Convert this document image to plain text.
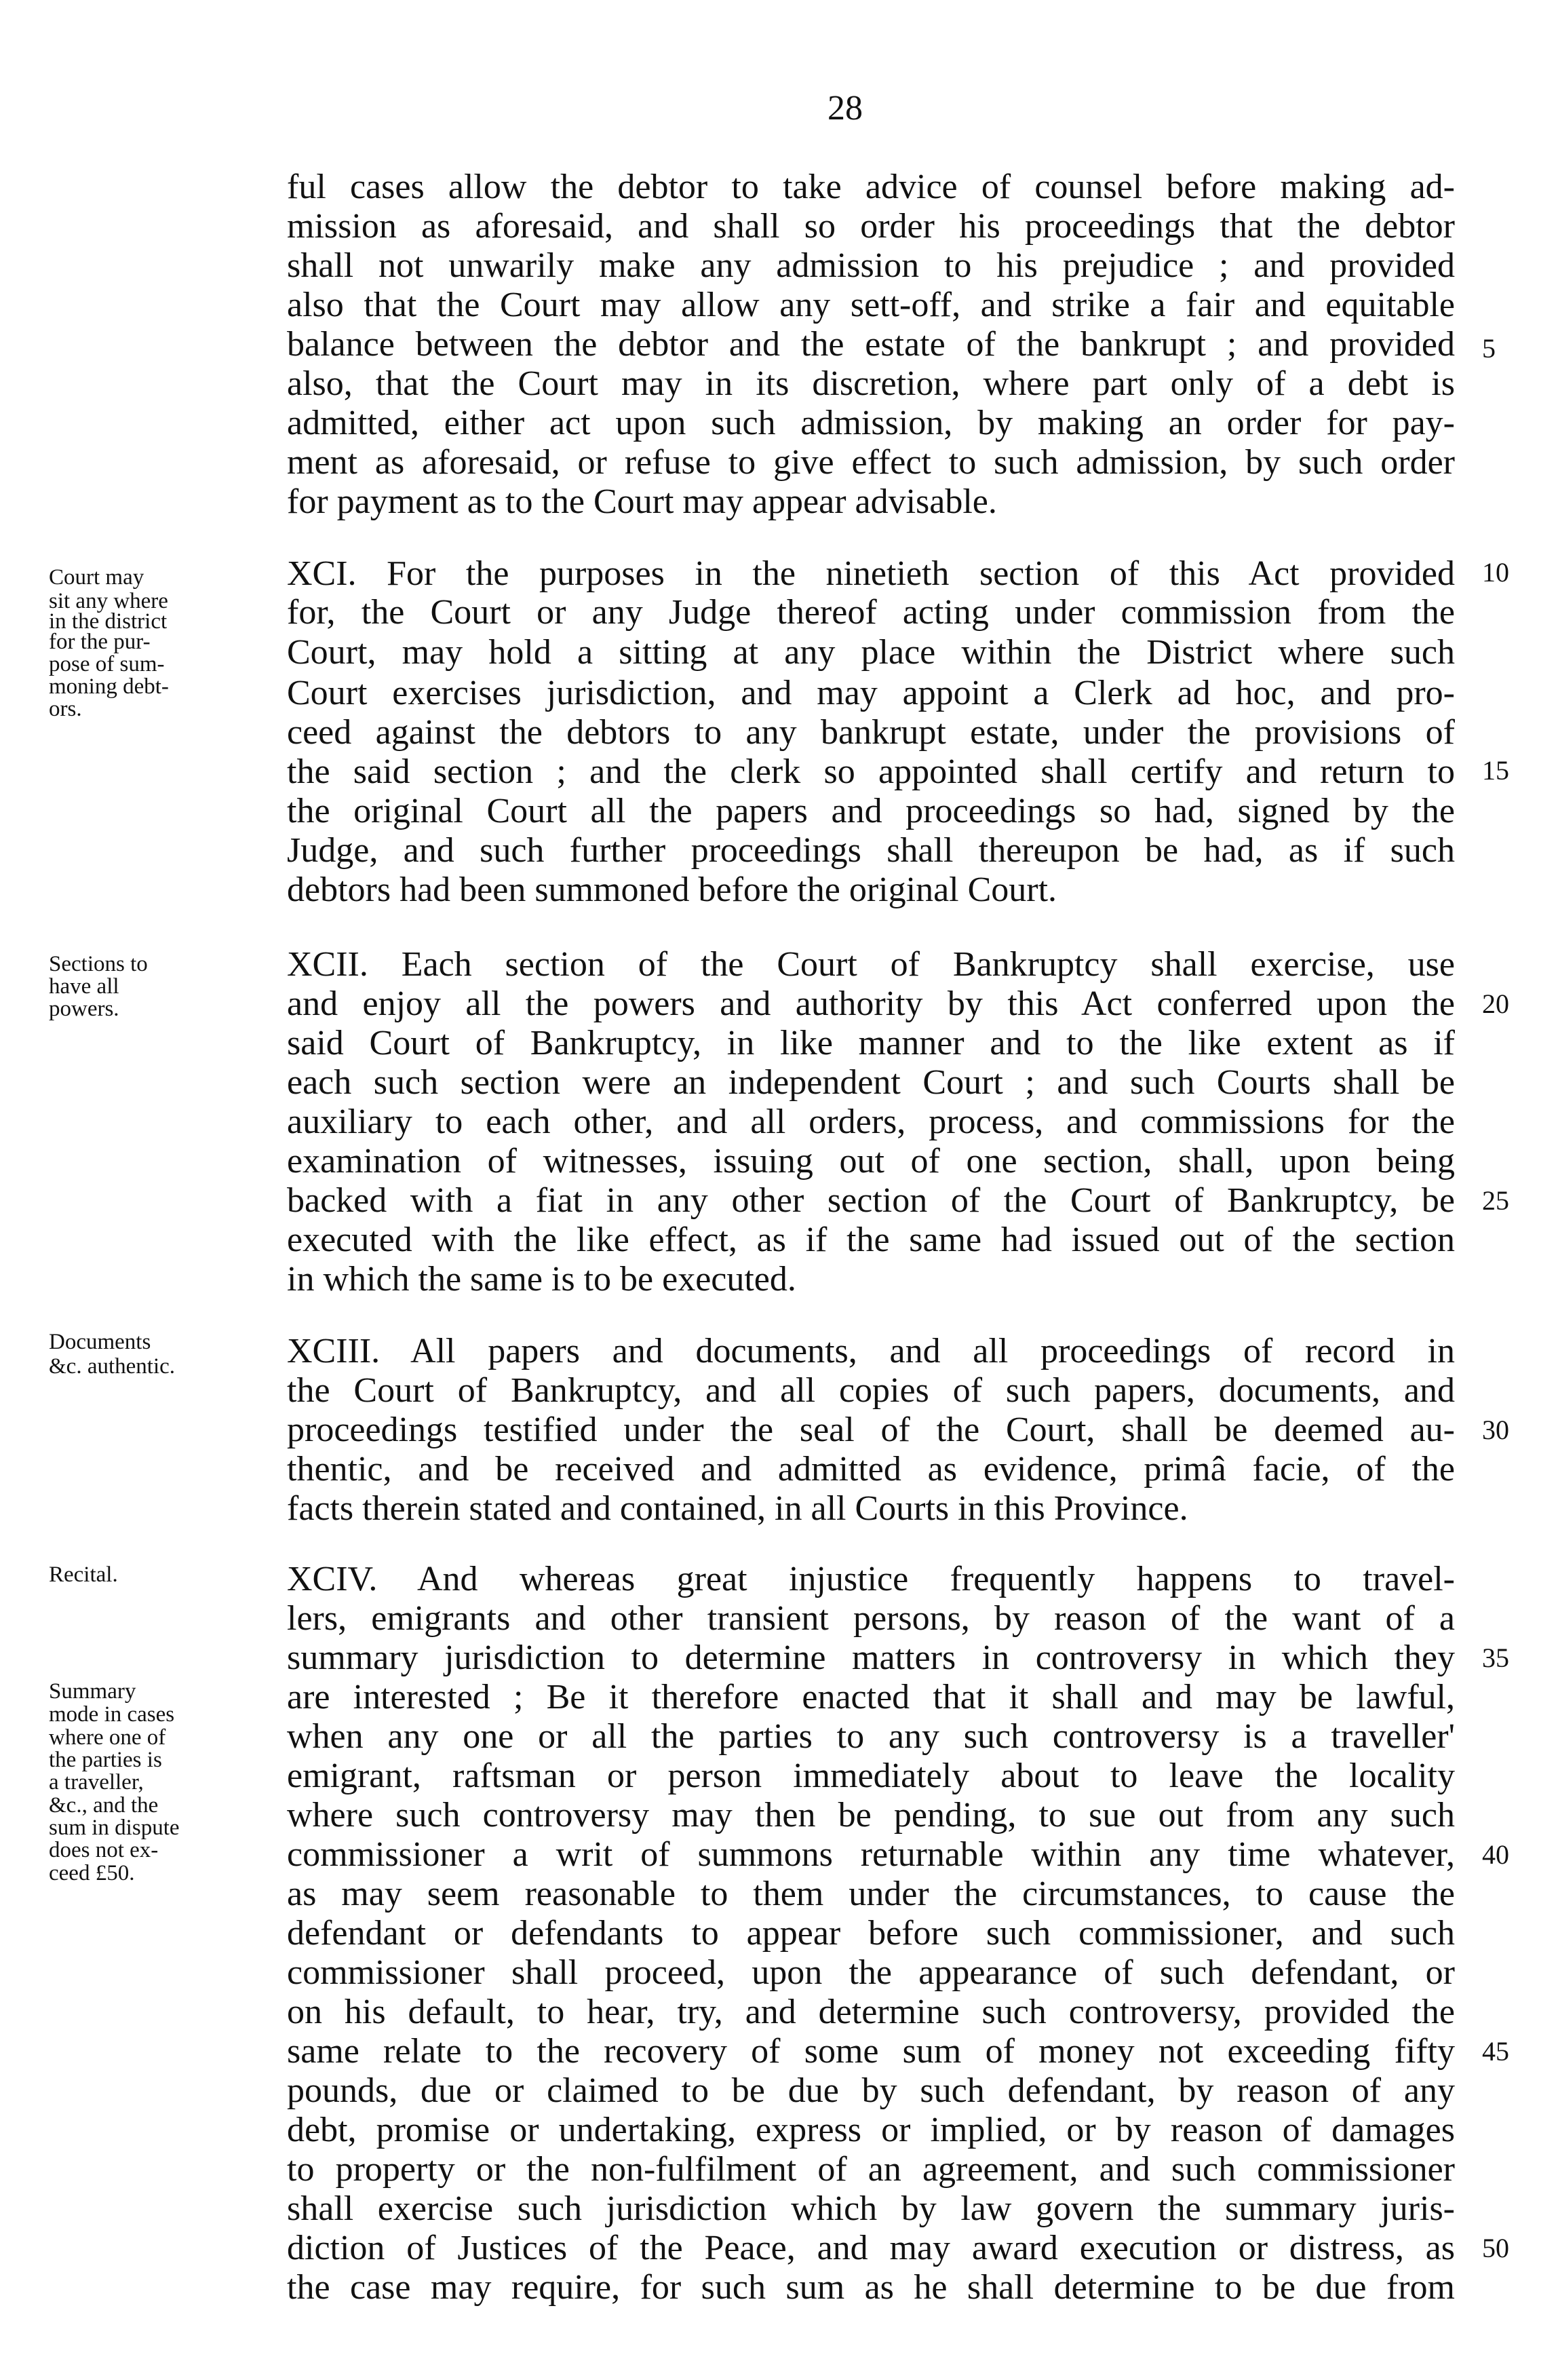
28
ful cases allow the debtor to take advice of counsel before making ad-
mission as aforesaid, and shall so order his proceedings that the debtor
shall not unwarily make any admission to his prejudice ; and provided
also that the Court may allow any sett-off, and strike a fair and equitable
balance between the debtor and the estate of the bankrupt ; and provided
also, that the Court may in its discretion, where part only of a debt is
admitted, either act upon such admission, by making an order for pay-
ment as aforesaid, or refuse to give effect to such admission, by such order
for payment as to the Court may appear advisable.
XCI. For the purposes in the ninetieth section of this Act provided
for, the Court or any Judge thereof acting under commission from the
Court, may hold a sitting at any place within the District where such
Court exercises jurisdiction, and may appoint a Clerk ad hoc, and pro-
ceed against the debtors to any bankrupt estate, under the provisions of
the said section ; and the clerk so appointed shall certify and return to
the original Court all the papers and proceedings so had, signed by the
Judge, and such further proceedings shall thereupon be had, as if such
debtors had been summoned before the original Court.
XCII. Each section of the Court of Bankruptcy shall exercise, use
and enjoy all the powers and authority by this Act conferred upon the
said Court of Bankruptcy, in like manner and to the like extent as if
each such section were an independent Court ; and such Courts shall be
auxiliary to each other, and all orders, process, and commissions for the
examination of witnesses, issuing out of one section, shall, upon being
backed with a fiat in any other section of the Court of Bankruptcy, be
executed with the like effect, as if the same had issued out of the section
in which the same is to be executed.
XCIII. All papers and documents, and all proceedings of record in
the Court of Bankruptcy, and all copies of such papers, documents, and
proceedings testified under the seal of the Court, shall be deemed au-
thentic, and be received and admitted as evidence, primâ facie, of the
facts therein stated and contained, in all Courts in this Province.
XCIV. And whereas great injustice frequently happens to travel-
lers, emigrants and other transient persons, by reason of the want of a
summary jurisdiction to determine matters in controversy in which they
are interested ; Be it therefore enacted that it shall and may be lawful,
when any one or all the parties to any such controversy is a traveller'
emigrant, raftsman or person immediately about to leave the locality
where such controversy may then be pending, to sue out from any such
commissioner a writ of summons returnable within any time whatever,
as may seem reasonable to them under the circumstances, to cause the
defendant or defendants to appear before such commissioner, and such
commissioner shall proceed, upon the appearance of such defendant, or
on his default, to hear, try, and determine such controversy, provided the
same relate to the recovery of some sum of money not exceeding fifty
pounds, due or claimed to be due by such defendant, by reason of any
debt, promise or undertaking, express or implied, or by reason of damages
to property or the non-fulfilment of an agreement, and such commissioner
shall exercise such jurisdiction which by law govern the summary juris-
diction of Justices of the Peace, and may award execution or distress, as
the case may require, for such sum as he shall determine to be due from
Court may
sit any where
in the district
for the pur-
pose of sum-
moning debt-
ors.
Sections to
have all
powers.
Documents
&c. authentic.
Recital.
Summary
mode in cases
where one of
the parties is
a traveller,
&c., and the
sum in dispute
does not ex-
ceed £50.
5
10
15
20
25
30
35
40
45
50
